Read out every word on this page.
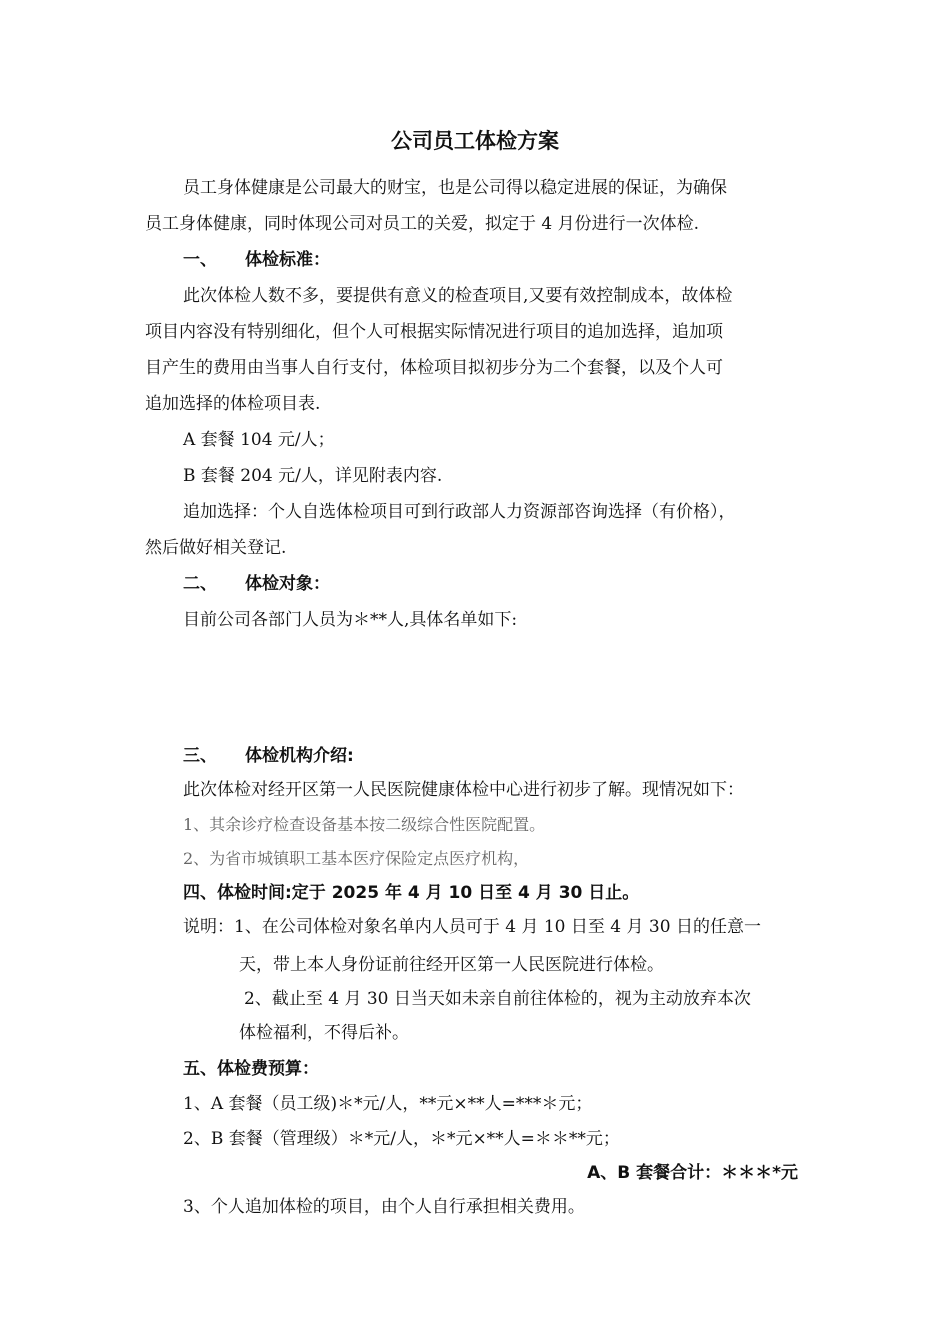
公司员工体检方案
员工身体健康是公司最大的财宝，也是公司得以稳定进展的保证，为确保
员工身体健康，同时体现公司对员工的关爱，拟定于 4 月份进行一次体检.
一、 体检标准：
此次体检人数不多，要提供有意义的检查项目,又要有效控制成本，故体检
项目内容没有特别细化，但个人可根据实际情况进行项目的追加选择，追加项
目产生的费用由当事人自行支付，体检项目拟初步分为二个套餐，以及个人可
追加选择的体检项目表.
A 套餐 104 元/人；
B 套餐 204 元/人，详见附表内容.
追加选择：个人自选体检项目可到行政部人力资源部咨询选择（有价格），
然后做好相关登记.
二、 体检对象：
目前公司各部门人员为＊**人,具体名单如下:
三、 体检机构介绍:
此次体检对经开区第一人民医院健康体检中心进行初步了解。现情况如下：
1、其余诊疗检查设备基本按二级综合性医院配置。
2、为省市城镇职工基本医疗保险定点医疗机构，
四、体检时间:定于 2025 年 4 月 10 日至 4 月 30 日止。
说明：1、在公司体检对象名单内人员可于 4 月 10 日至 4 月 30 日的任意一
天，带上本人身份证前往经开区第一人民医院进行体检。
2、截止至 4 月 30 日当天如未亲自前往体检的，视为主动放弃本次
体检福利，不得后补。
五、体检费预算：
1、A 套餐（员工级)＊*元/人，**元×**人=***＊元；
2、B 套餐（管理级）＊*元/人，＊*元×**人=＊＊**元；
A、B 套餐合计：＊＊＊*元
3、个人追加体检的项目，由个人自行承担相关费用。
